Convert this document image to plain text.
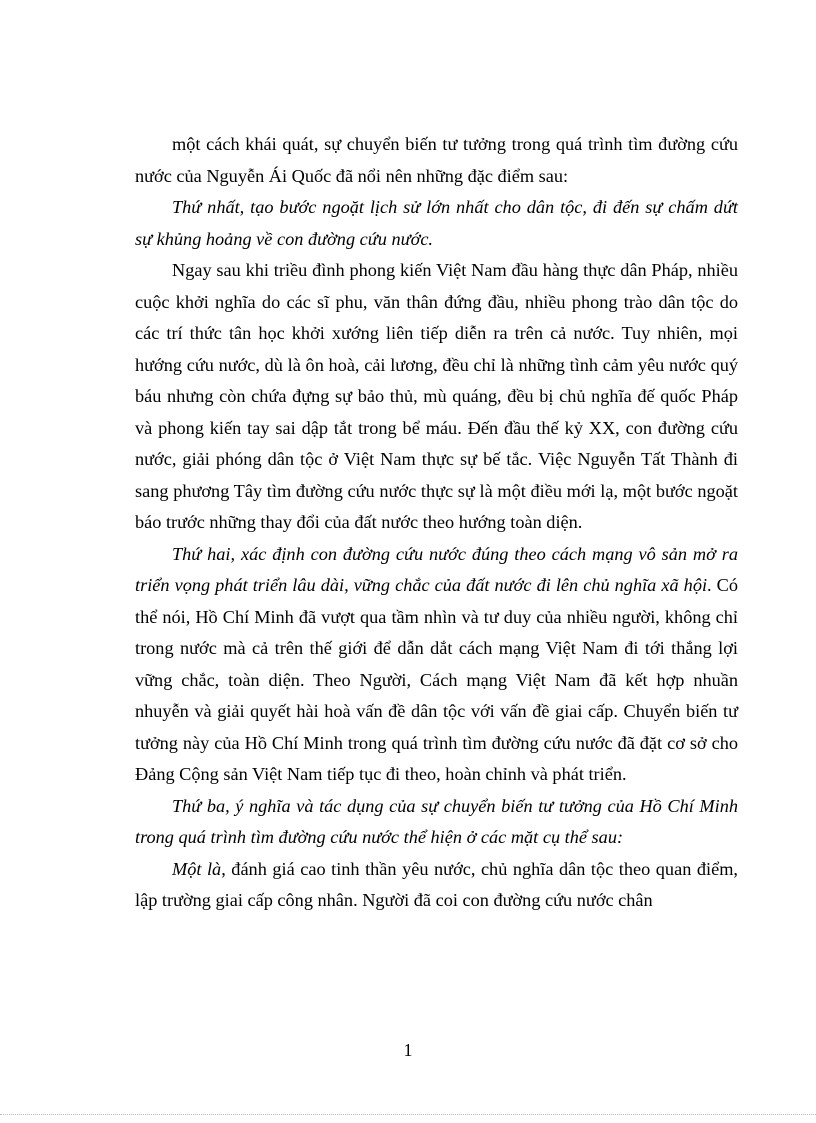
một cách khái quát, sự chuyển biến tư tưởng trong quá trình tìm đường cứu nước của Nguyễn Ái Quốc đã nổi nên những đặc điểm sau:

Thứ nhất, tạo bước ngoặt lịch sử lớn nhất cho dân tộc, đi đến sự chấm dứt sự khủng hoảng về con đường cứu nước.

Ngay sau khi triều đình phong kiến Việt Nam đầu hàng thực dân Pháp, nhiều cuộc khởi nghĩa do các sĩ phu, văn thân đứng đầu, nhiều phong trào dân tộc do các trí thức tân học khởi xướng liên tiếp diễn ra trên cả nước. Tuy nhiên, mọi hướng cứu nước, dù là ôn hoà, cải lương, đều chỉ là những tình cảm yêu nước quý báu nhưng còn chứa đựng sự bảo thủ, mù quáng, đều bị chủ nghĩa đế quốc Pháp và phong kiến tay sai dập tắt trong bể máu. Đến đầu thế kỷ XX, con đường cứu nước, giải phóng dân tộc ở Việt Nam thực sự bế tắc. Việc Nguyễn Tất Thành đi sang phương Tây tìm đường cứu nước thực sự là một điều mới lạ, một bước ngoặt báo trước những thay đổi của đất nước theo hướng toàn diện.

Thứ hai, xác định con đường cứu nước đúng theo cách mạng vô sản mở ra triển vọng phát triển lâu dài, vững chắc của đất nước đi lên chủ nghĩa xã hội. Có thể nói, Hồ Chí Minh đã vượt qua tầm nhìn và tư duy của nhiều người, không chỉ trong nước mà cả trên thế giới để dẫn dắt cách mạng Việt Nam đi tới thắng lợi vững chắc, toàn diện. Theo Người, Cách mạng Việt Nam đã kết hợp nhuần nhuyễn và giải quyết hài hoà vấn đề dân tộc với vấn đề giai cấp. Chuyển biến tư tưởng này của Hồ Chí Minh trong quá trình tìm đường cứu nước đã đặt cơ sở cho Đảng Cộng sản Việt Nam tiếp tục đi theo, hoàn chỉnh và phát triển.

Thứ ba, ý nghĩa và tác dụng của sự chuyển biến tư tưởng của Hồ Chí Minh trong quá trình tìm đường cứu nước thể hiện ở các mặt cụ thể sau:

Một là, đánh giá cao tinh thần yêu nước, chủ nghĩa dân tộc theo quan điểm, lập trường giai cấp công nhân. Người đã coi con đường cứu nước chân

1
